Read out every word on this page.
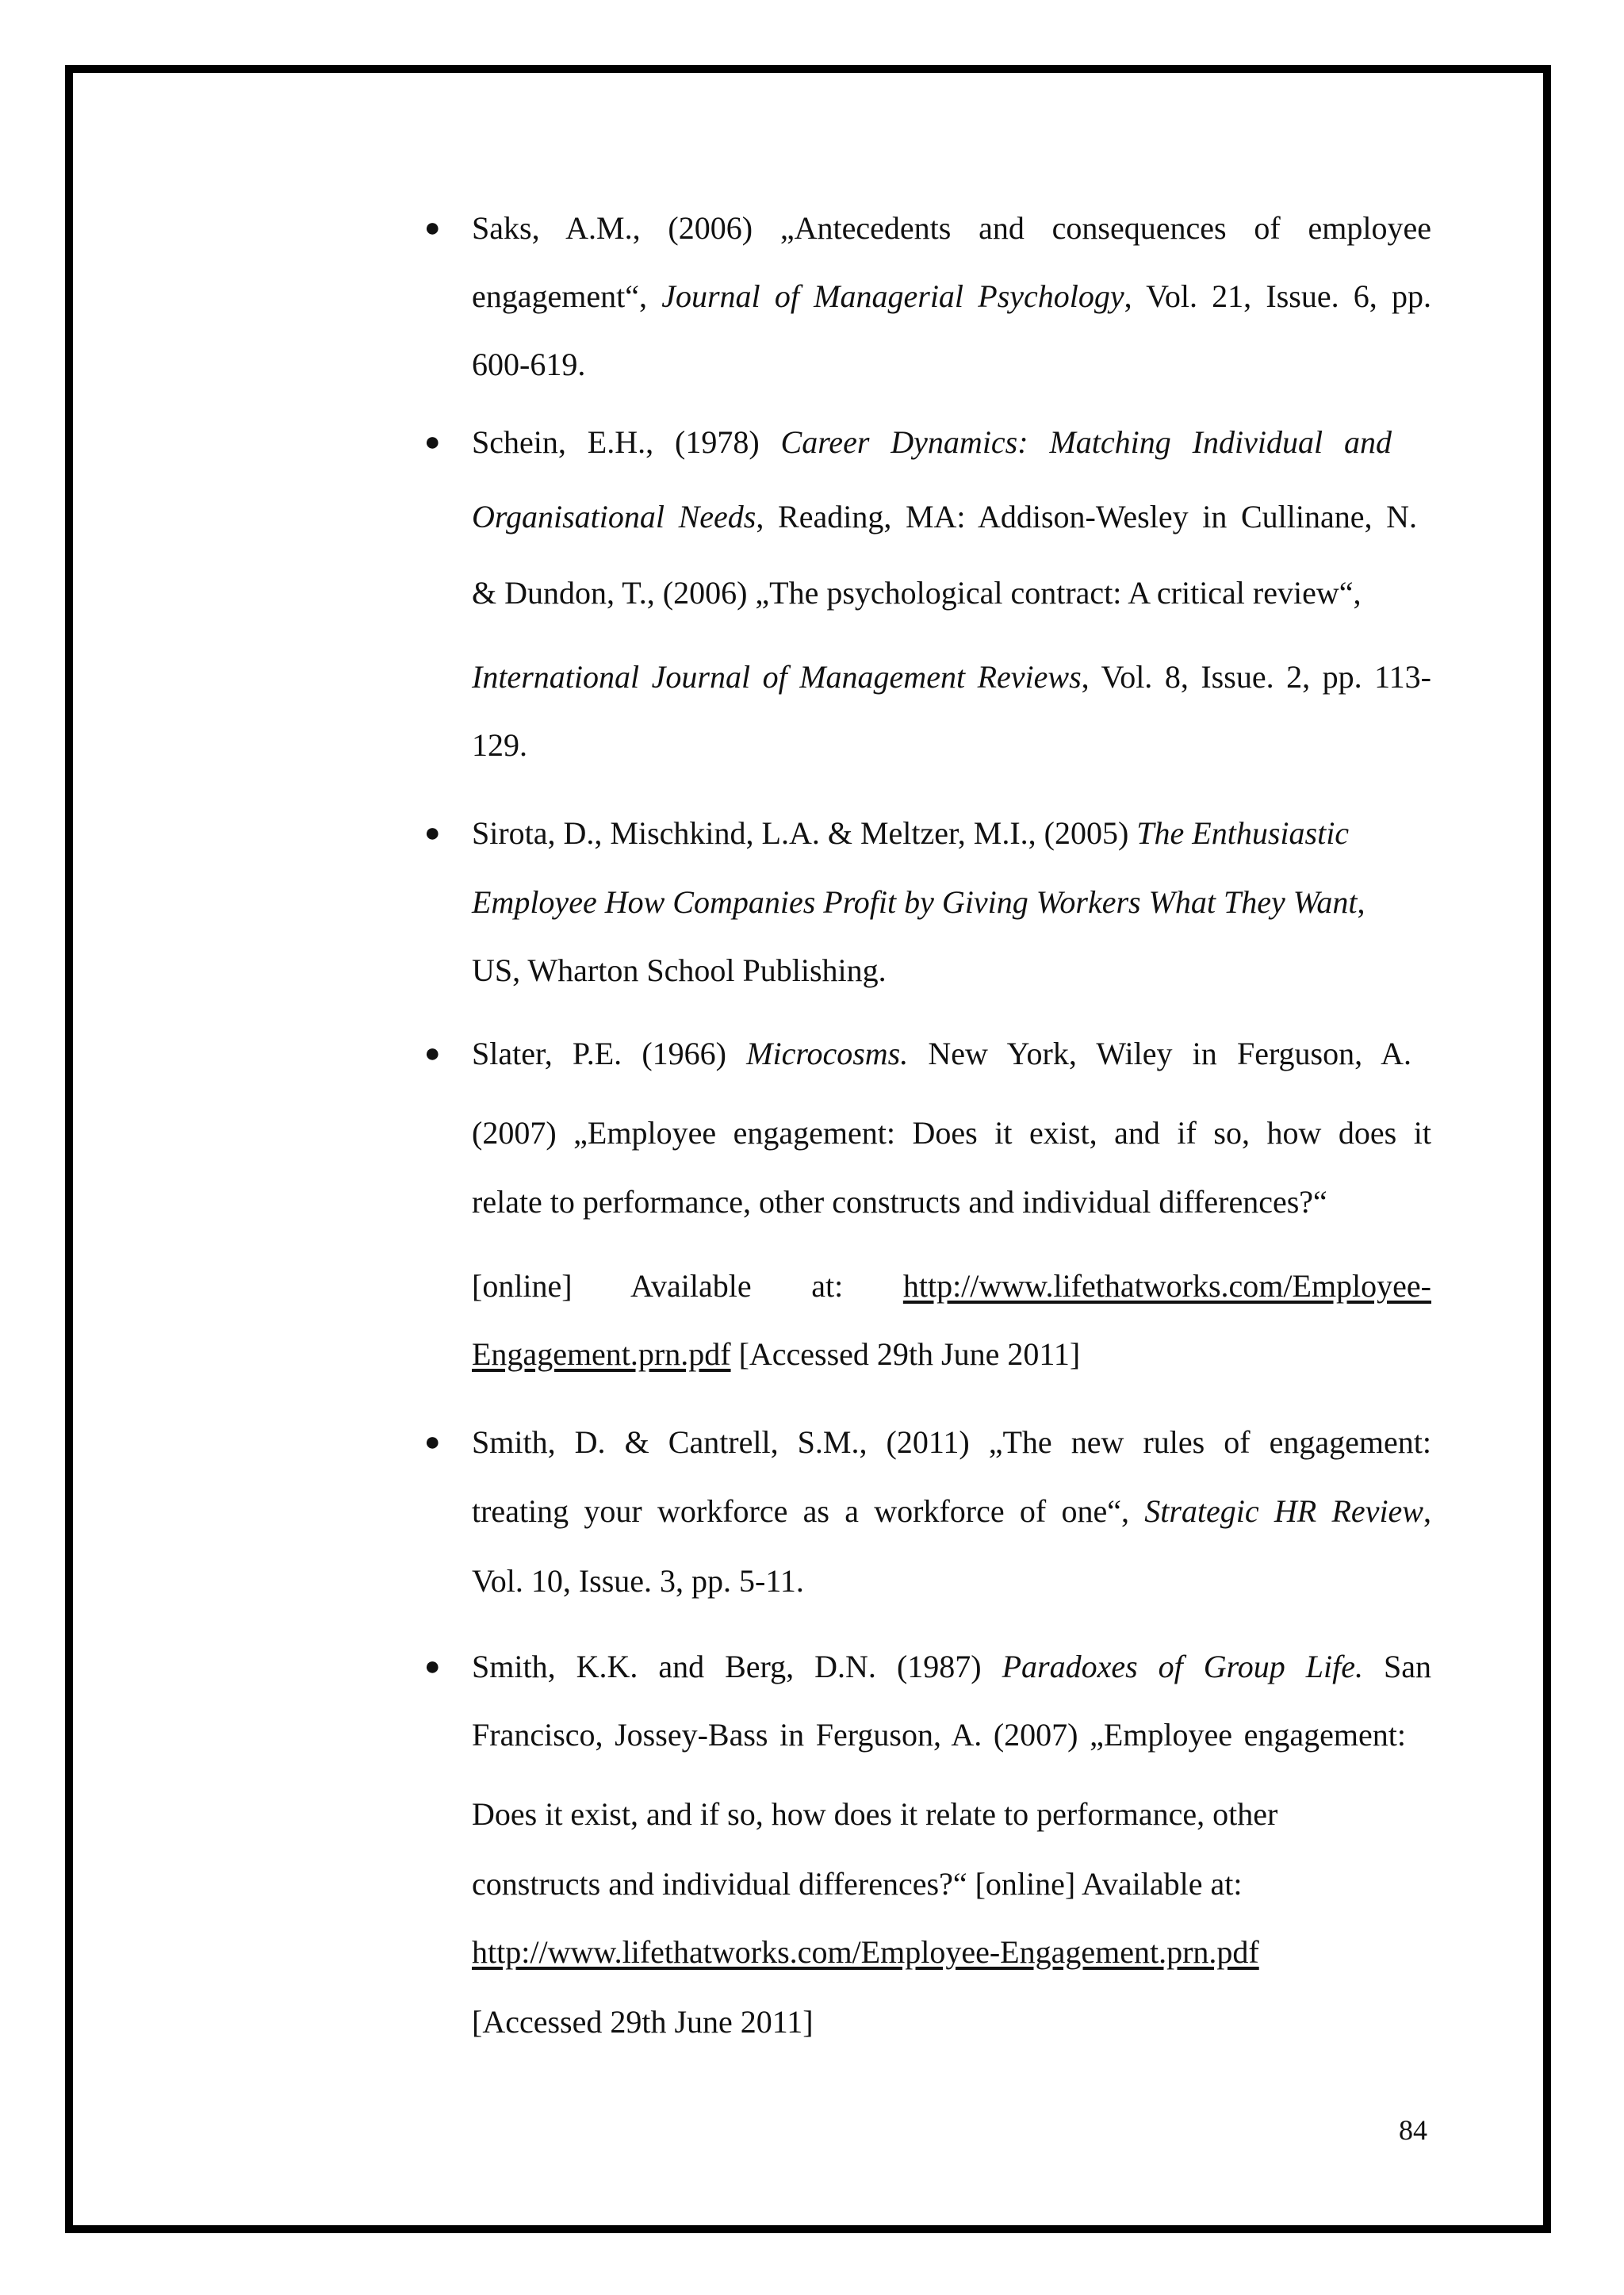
● Saks, A.M., (2006) „Antecedents and consequences of employee
engagement“, Journal of Managerial Psychology, Vol. 21, Issue. 6, pp.
600-619.
● Schein, E.H., (1978) Career Dynamics: Matching Individual and
Organisational Needs, Reading, MA: Addison-Wesley in Cullinane, N.
& Dundon, T., (2006) „The psychological contract: A critical review“,
International Journal of Management Reviews, Vol. 8, Issue. 2, pp. 113-
129.
● Sirota, D., Mischkind, L.A. & Meltzer, M.I., (2005) The Enthusiastic
Employee How Companies Profit by Giving Workers What They Want,
US, Wharton School Publishing.
● Slater, P.E. (1966) Microcosms. New York, Wiley in Ferguson, A.
(2007) „Employee engagement: Does it exist, and if so, how does it
relate to performance, other constructs and individual differences?“
[online] Available at: http://www.lifethatworks.com/Employee-
Engagement.prn.pdf [Accessed 29th June 2011]
● Smith, D. & Cantrell, S.M., (2011) „The new rules of engagement:
treating your workforce as a workforce of one“, Strategic HR Review,
Vol. 10, Issue. 3, pp. 5-11.
● Smith, K.K. and Berg, D.N. (1987) Paradoxes of Group Life. San
Francisco, Jossey-Bass in Ferguson, A. (2007) „Employee engagement:
Does it exist, and if so, how does it relate to performance, other
constructs and individual differences?“ [online] Available at:
http://www.lifethatworks.com/Employee-Engagement.prn.pdf
[Accessed 29th June 2011]
84
